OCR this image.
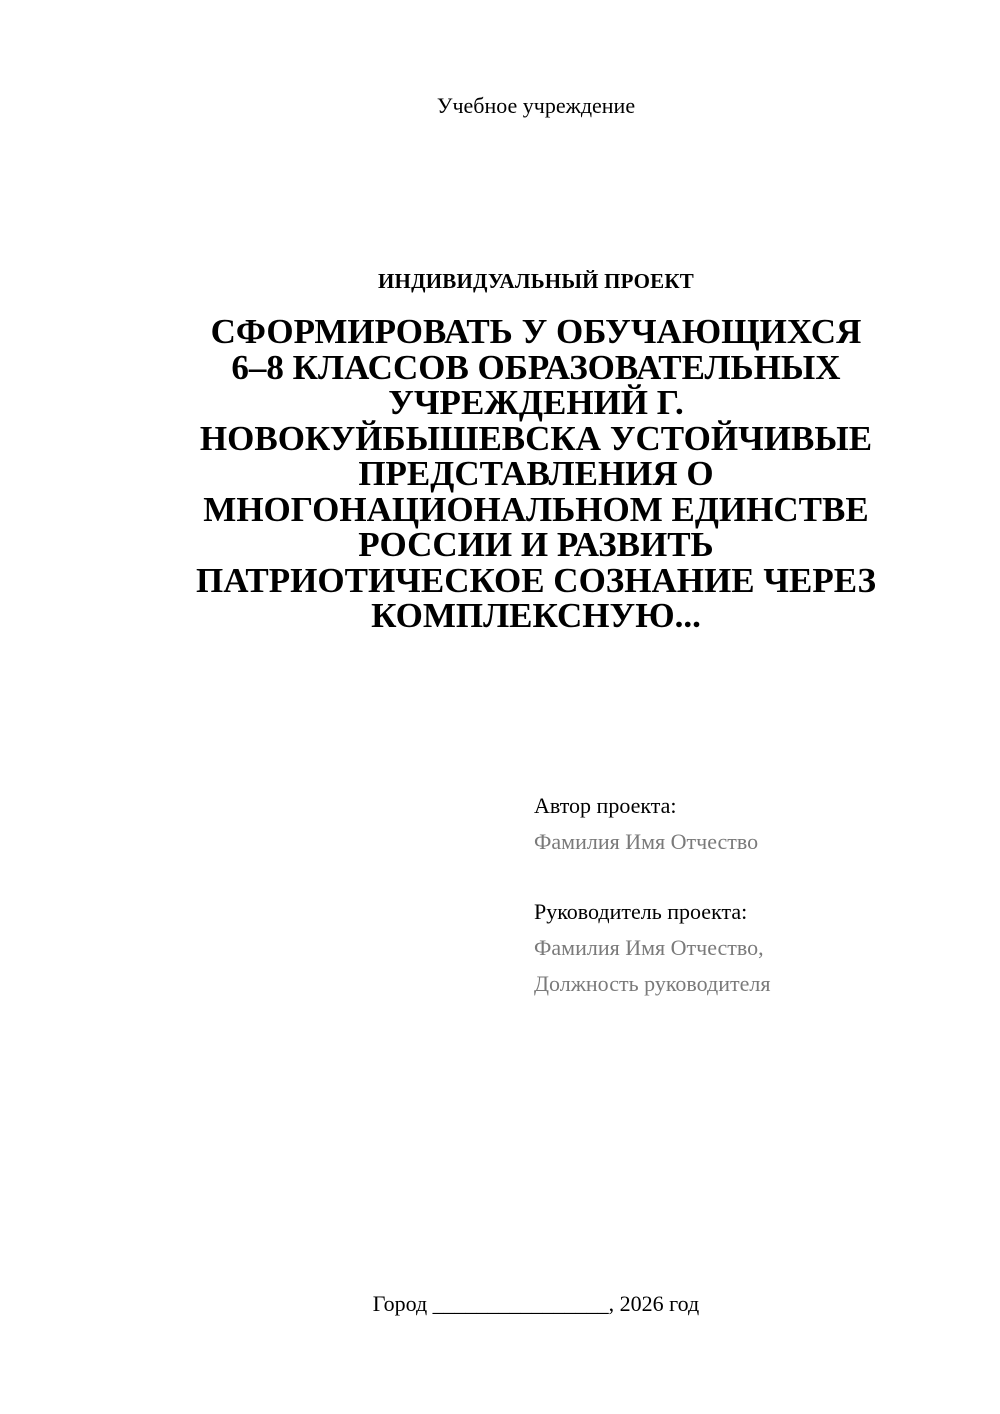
Учебное учреждение
ИНДИВИДУАЛЬНЫЙ ПРОЕКТ
СФОРМИРОВАТЬ У ОБУЧАЮЩИХСЯ
6–8 КЛАССОВ ОБРАЗОВАТЕЛЬНЫХ
УЧРЕЖДЕНИЙ Г.
НОВОКУЙБЫШЕВСКА УСТОЙЧИВЫЕ
ПРЕДСТАВЛЕНИЯ О
МНОГОНАЦИОНАЛЬНОМ ЕДИНСТВЕ
РОССИИ И РАЗВИТЬ
ПАТРИОТИЧЕСКОЕ СОЗНАНИЕ ЧЕРЕЗ
КОМПЛЕКСНУЮ...
Автор проекта:
Фамилия Имя Отчество
Руководитель проекта:
Фамилия Имя Отчество,
Должность руководителя
Город ________________, 2026 год
